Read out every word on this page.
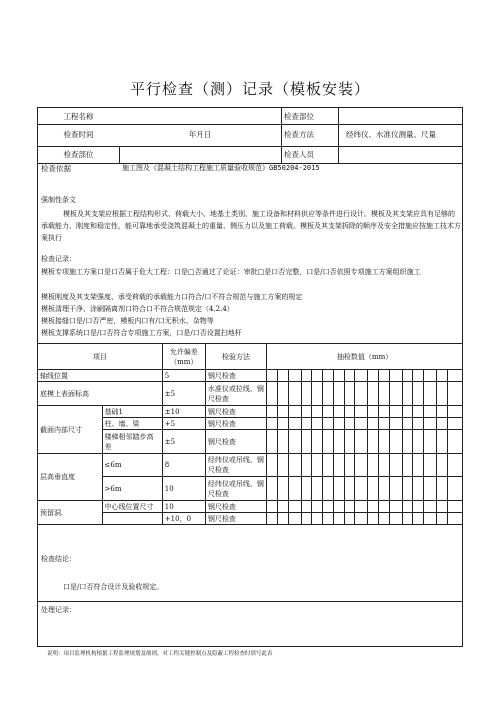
平行检查（测）记录（模板安装）
工程名称	检查部位
检查时间	年月日	检查方法	经纬仪、水准仪测量、尺量
检查部位	检查人员
检查依据	施工图及《混凝土结构工程施工质量验收规范》GB50204-2015
强制性条文
模板及其支架应根据工程结构形式、荷载大小、地基土类别、施工设备和材料供应等条件进行设计。模板及其支架应具有足够的承载能力、刚度和稳定性，能可靠地承受浇筑混凝土的重量、侧压力以及施工荷载。模板及其支架拆除的顺序及安全措施应按施工技术方案执行
检查记录：
模板专项施工方案口是口否属于危大工程：口是□否通过了论证：审批□是口否完整，口是/口否依照专项施工方案组织施工
模板刚度及其支架强度、承受荷载的承载能力口符合/口不符合规范与施工方案的规定
模板清理干净、涂刷隔离剂口符合口不符合规范规定（4.2.4）
模板接缝口是/口否严密，模板内口有/口无积水、杂物等
模板支撑系统口是/口否符合专项施工方案，口是/口否设置扫地杆
项目		允许偏差（mm）	检验方法	抽检数值（mm）																
轴线位置		5	钢尺检查																	
底模上表面标高		±5	水准仪或拉线、钢尺检查																	
截面内部尺寸	基础1	±10	钢尺检查																	
	柱、墙、梁	+5	钢尺检查																	
	楼梯相邻踏步高差	±5	钢尺检查																	
层高垂直度	≤6m	8	经纬仪或吊线、钢尺检查																	
	>6m	10	经纬仪或吊线、钢尺检查																	
预留洞.	中心线位置尺寸	10	钢尺检查																	
		+10，0	钢尺检查																	
检查结论：
口是/口否符合设计及验收规定。
处理记录：
说明：项目监理机构根据工程监理规划及细则，对工程关键控制点及隐蔽工程检查时填写此表
